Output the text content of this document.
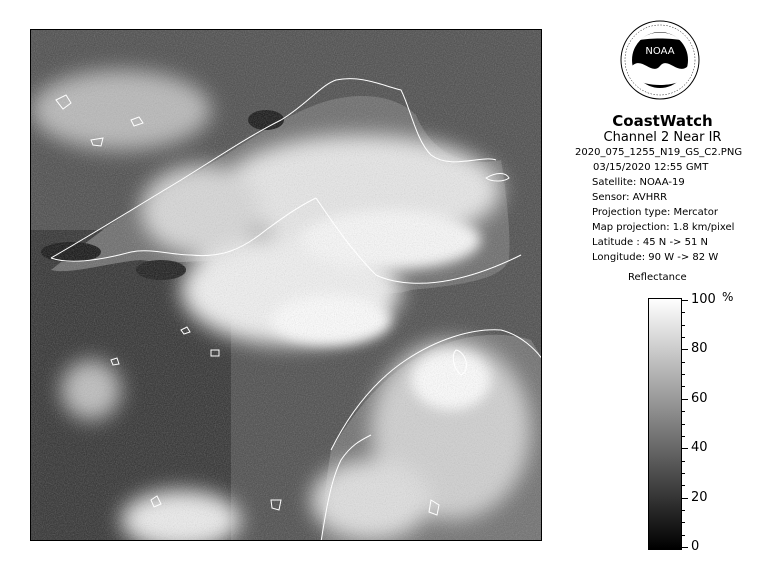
NOAA
CoastWatch
Channel 2 Near IR
2020_075_1255_N19_GS_C2.PNG
03/15/2020 12:55 GMT
Satellite: NOAA-19
Sensor: AVHRR
Projection type: Mercator
Map projection: 1.8 km/pixel
Latitude : 45 N -> 51 N
Longitude: 90 W -> 82 W
Reflectance
%
100
80
60
40
20
0
